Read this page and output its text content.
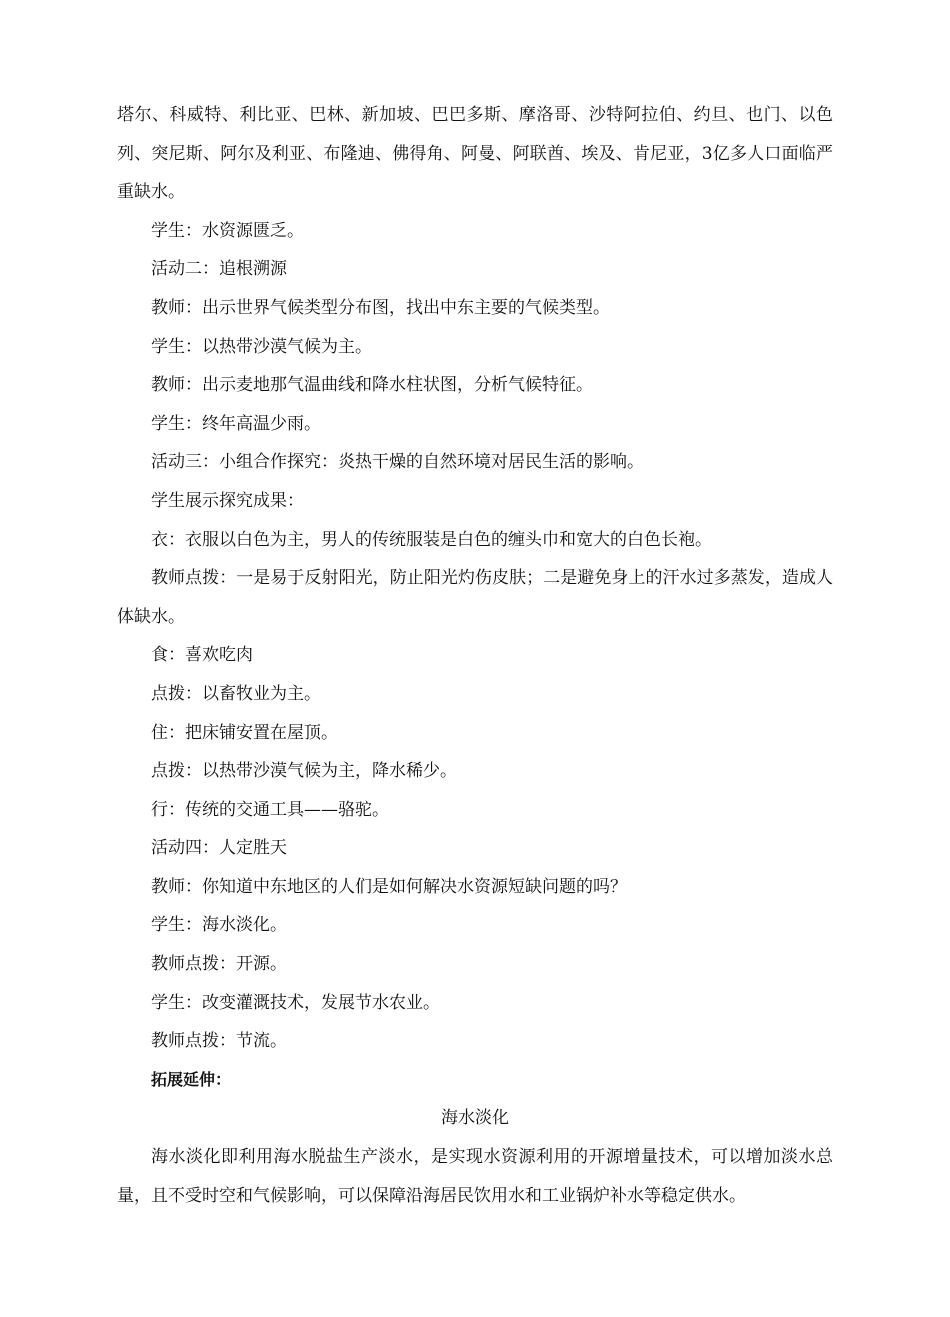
塔尔、科威特、利比亚、巴林、新加坡、巴巴多斯、摩洛哥、沙特阿拉伯、约旦、也门、以色列、突尼斯、阿尔及利亚、布隆迪、佛得角、阿曼、阿联酋、埃及、肯尼亚，3亿多人口面临严重缺水。

学生：水资源匮乏。

活动二：追根溯源

教师：出示世界气候类型分布图，找出中东主要的气候类型。

学生：以热带沙漠气候为主。

教师：出示麦地那气温曲线和降水柱状图，分析气候特征。

学生：终年高温少雨。

活动三：小组合作探究：炎热干燥的自然环境对居民生活的影响。

学生展示探究成果：

衣：衣服以白色为主，男人的传统服装是白色的缠头巾和宽大的白色长袍。

教师点拨：一是易于反射阳光，防止阳光灼伤皮肤；二是避免身上的汗水过多蒸发，造成人体缺水。

食：喜欢吃肉

点拨：以畜牧业为主。

住：把床铺安置在屋顶。

点拨：以热带沙漠气候为主，降水稀少。

行：传统的交通工具——骆驼。

活动四：人定胜天

教师：你知道中东地区的人们是如何解决水资源短缺问题的吗？

学生：海水淡化。

教师点拨：开源。

学生：改变灌溉技术，发展节水农业。

教师点拨：节流。

拓展延伸：

海水淡化

海水淡化即利用海水脱盐生产淡水，是实现水资源利用的开源增量技术，可以增加淡水总量，且不受时空和气候影响，可以保障沿海居民饮用水和工业锅炉补水等稳定供水。
